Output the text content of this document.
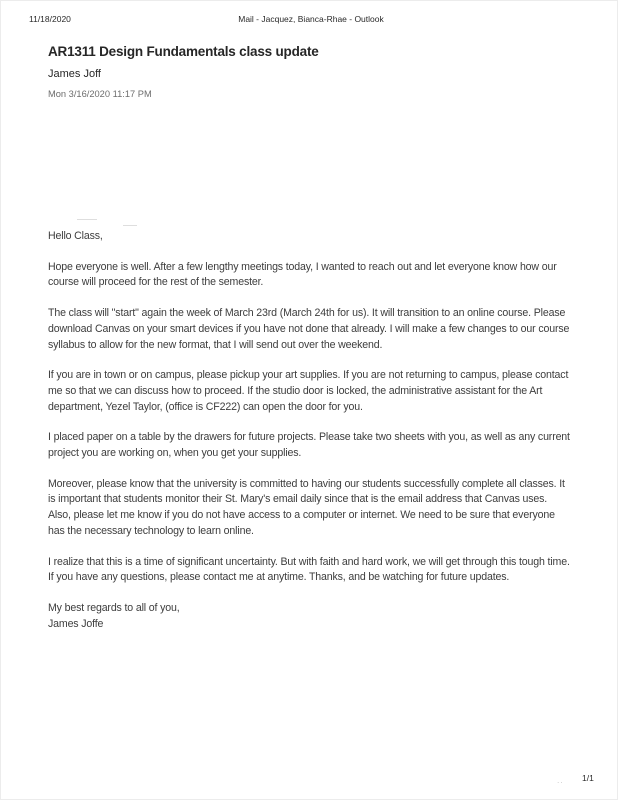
11/18/2020	Mail - Jacquez, Bianca-Rhae - Outlook
AR1311 Design Fundamentals class update
James Joff
Mon 3/16/2020 11:17 PM

Hello Class,

Hope everyone is well. After a few lengthy meetings today, I wanted to reach out and let everyone know how our course will proceed for the rest of the semester.

The class will "start" again the week of March 23rd (March 24th for us). It will transition to an online course. Please download Canvas on your smart devices if you have not done that already. I will make a few changes to our course syllabus to allow for the new format, that I will send out over the weekend.

If you are in town or on campus, please pickup your art supplies. If you are not returning to campus, please contact me so that we can discuss how to proceed. If the studio door is locked, the administrative assistant for the Art department, Yezel Taylor, (office is CF222) can open the door for you.

I placed paper on a table by the drawers for future projects. Please take two sheets with you, as well as any current project you are working on, when you get your supplies.

Moreover, please know that the university is committed to having our students successfully complete all classes. It is important that students monitor their St. Mary's email daily since that is the email address that Canvas uses. Also, please let me know if you do not have access to a computer or internet. We need to be sure that everyone has the necessary technology to learn online.

I realize that this is a time of significant uncertainty. But with faith and hard work, we will get through this tough time. If you have any questions, please contact me at anytime. Thanks, and be watching for future updates.

My best regards to all of you,

James Joffe

.. 1/1
